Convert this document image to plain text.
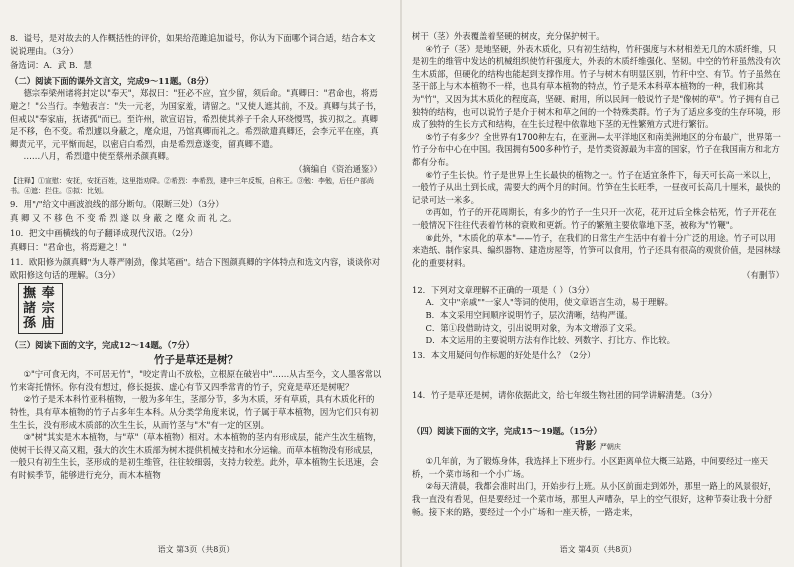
8．谥号，是对故去的人作概括性的评价，如果给范雎追加谥号，你认为下面哪个词合适，结合本文说说理由。（3分）

备选词：A．武 B．慧

（二）阅读下面的课外文言文，完成9～11题。（8分）

德宗奉梁州诸将封定以"奉天"，郑叔曰："狂必不应，宜少留，须后命。"真卿曰："君命也，将焉避之！"公当行。李勉表言："失一元老，为国家羞，请留之。"又使人遮其前，不及。真卿与其子书，但戒以"奉家庙，抚诸孤"而已。至许州，欲宣诏旨，希烈使其养子千余人环绕慢骂，拔刃拟之。真卿足不移，色不变。希烈遽以身蔽之，麾众退，乃馆真卿而礼之。希烈欲遣真卿还，会李元平在座，真卿责元平，元平惭而起，以密启白希烈，由是希烈意遂变，留真卿不遣。

……八月，希烈遣中使至蔡州杀颜真卿。

（摘编自《资治通鉴》）

【注释】①宣慰：安抚，安抚百姓，这里指劝降。②希烈：李希烈，建中三年反叛，自称王。③勉：李勉，后任户部尚书。④遮：拦住。⑤拟：比划。

9．用"/"给文中画波浪线的部分断句。（限断三处）（3分）

真 卿 又 不 移 色 不 变 希 烈 遂 以 身 蔽 之 麾 众 而 礼 之。

10．把文中画横线的句子翻译成现代汉语。（2分）

真卿曰："君命也，将焉避之！"

11．欧阳修为颜真卿"为人尊严刚劲，像其笔画"。结合下图颜真卿的字体特点和选文内容，谈谈你对欧阳修这句话的理解。（3分）

撫
諸
孫

奉
宗
庙

（三）阅读下面的文字，完成12～14题。（7分）

竹子是草还是树？

①"宁可食无肉，不可居无竹"，"咬定青山不放松，立根原在破岩中"……从古至今，文人墨客常以竹来寄托情怀。你有没有想过，修长挺拔、虚心有节又四季常青的竹子，究竟是草还是树呢？

②竹子是禾本科竹亚科植物，一般为多年生，茎部分节，多为木质，牙有草质，具有木质化秆的特性，具有草本植物的竹子占多年生本科。从分类学角度来说，竹子属于草本植物，因为它们只有初生生长，没有形成木质部的次生生长，从而竹茎与"木"有一定的区别。

③"树"其实是木本植物，与"草"（草本植物）相对。木本植物的茎内有形成层，能产生次生植物，使树干长得又高又粗，强大的次生木质部为树木提供机械支持和水分运输。而草本植物没有形成层，一般只有初生生长，茎形成的是初生维管，往往较细弱，支持力较差。此外，草本植物生长迅速，会有时候季节，能够进行充分，而木本植物

树干（茎）外表覆盖着坚硬的树皮，充分保护树干。

④竹子（茎）是地坚硬，外表木质化，只有初生结构，竹秆强度与木材相差无几的木质纤维，只是初生的维管中发达的机械组织使竹秆强度大，外表的木质纤维强化、坚韧。中空的竹秆虽然没有次生木质部，但硬化的结构也能起到支撑作用。竹子与树木有明显区别，竹秆中空、有节。竹子虽然在茎干部上与木本植物不一样，也具有草本植物的特点，竹子是禾本科草本植物的一种，我们称其为"竹"，又因为其木质化的程度高，坚硬、耐用，所以民间一般说竹子是"像树的草"。竹子拥有自己独特的结构，也可以说竹子是介于树木和草之间的一个特殊类群。竹子为了适应多变的生存环境，形成了独特的生长方式和结构，在生长过程中依靠地下茎的无性繁殖方式进行繁衍。

⑤竹子有多少？全世界有1700种左右，在亚洲—太平洋地区和南美洲地区的分布最广，世界第一竹子分布中心在中国。我国拥有500多种竹子，是竹类资源最为丰富的国家，竹子在我国南方和北方都有分布。

⑥竹子生长快。竹子是世界上生长最快的植物之一。竹子在适宜条件下，每天可长高一米以上，一般竹子从出土到长成，需要大约两个月的时间。竹笋在生长旺季，一昼夜可长高几十厘米，最快的记录可达一米多。

⑦再如，竹子的开花周期长，有多少的竹子一生只开一次花，花开过后全株会枯死，竹子开花在一般情况下往往代表着竹林的衰败和更新。竹子的繁殖主要依靠地下茎，被称为"竹鞭"。

⑧此外，"木质化的草本"——竹子，在我们的日常生产生活中有着十分广泛的用途。竹子可以用来造纸、制作家具、编织器物、建造房屋等，竹笋可以食用，竹子还具有很高的观赏价值，是园林绿化的重要材料。

（有删节）

12．下列对文章理解不正确的一项是（ ）（3分）

A．文中"亲戚""一家人"等词的使用，使文章语言生动，易于理解。

B．本文采用空间顺序说明竹子，层次清晰，结构严谨。

C．第①段借助诗文，引出说明对象，为本文增添了文采。

D．本文运用的主要说明方法有作比较、列数字、打比方、作比较。

13．本文用疑问句作标题的好处是什么？（2分）

14．竹子是草还是树，请你依据此文，给七年级生物社团的同学讲解清楚。（3分）

（四）阅读下面的文字，完成15～19题。（15分）

背影 严朝庆

①几年前，为了锻炼身体，我选择上下班步行。小区距离单位大概三站路，中间要经过一座天桥，一个菜市场和一个小广场。

②每天清晨，我都会准时出门，开始步行上班。从小区前面走到郊外，那里一路上的风景很好，我一直没有看见，但是要经过一个菜市场，那里人声嘈杂，早上的空气很好，这种节奏让我十分舒畅。接下来的路，要经过一个小广场和一座天桥，一路走来，

语文 第3页（共8页）	语文 第4页（共8页）
